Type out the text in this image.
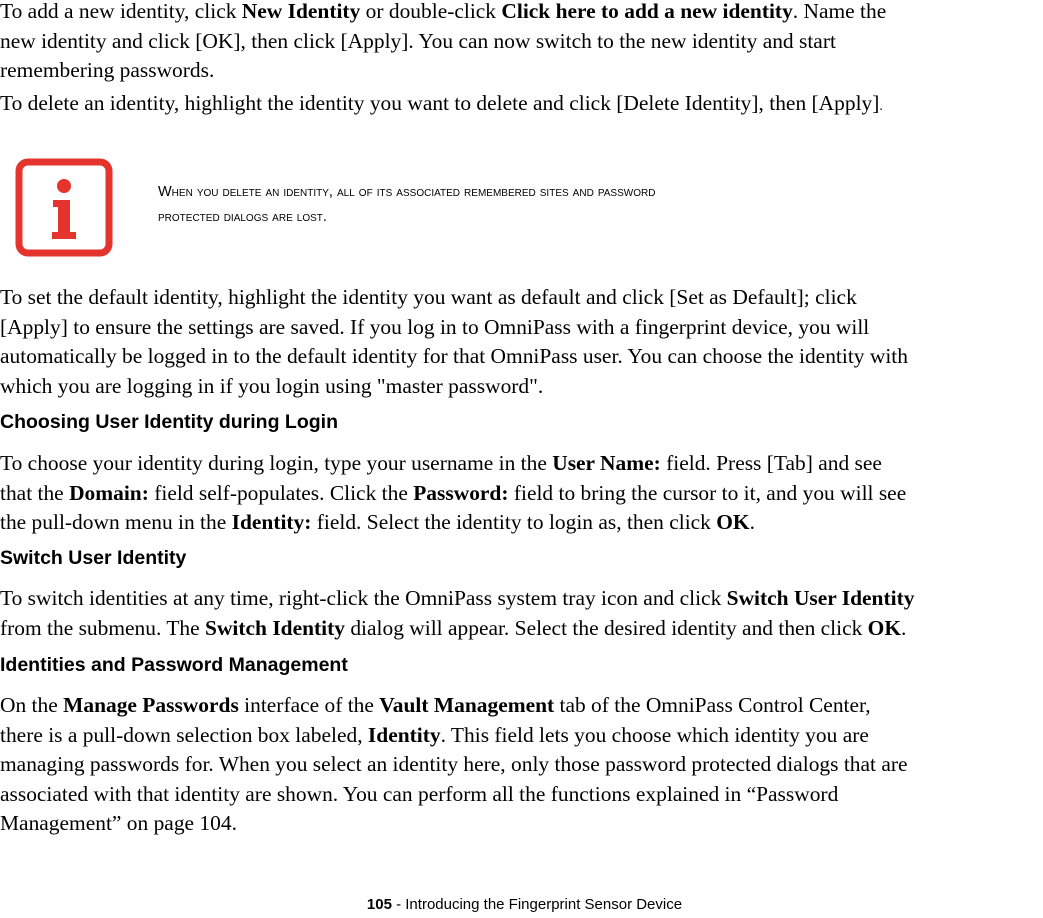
To add a new identity, click New Identity or double-click Click here to add a new identity. Name the
new identity and click [OK], then click [Apply]. You can now switch to the new identity and start
remembering passwords.
To delete an identity, highlight the identity you want to delete and click [Delete Identity], then [Apply].
When you delete an identity, all of its associated remembered sites and password
protected dialogs are lost.
To set the default identity, highlight the identity you want as default and click [Set as Default]; click
[Apply] to ensure the settings are saved. If you log in to OmniPass with a fingerprint device, you will
automatically be logged in to the default identity for that OmniPass user. You can choose the identity with
which you are logging in if you login using "master password".
Choosing User Identity during Login
To choose your identity during login, type your username in the User Name: field. Press [Tab] and see
that the Domain: field self-populates. Click the Password: field to bring the cursor to it, and you will see
the pull-down menu in the Identity: field. Select the identity to login as, then click OK.
Switch User Identity
To switch identities at any time, right-click the OmniPass system tray icon and click Switch User Identity
from the submenu. The Switch Identity dialog will appear. Select the desired identity and then click OK.
Identities and Password Management
On the Manage Passwords interface of the Vault Management tab of the OmniPass Control Center,
there is a pull-down selection box labeled, Identity. This field lets you choose which identity you are
managing passwords for. When you select an identity here, only those password protected dialogs that are
associated with that identity are shown. You can perform all the functions explained in “Password
Management” on page 104.
105 - Introducing the Fingerprint Sensor Device
